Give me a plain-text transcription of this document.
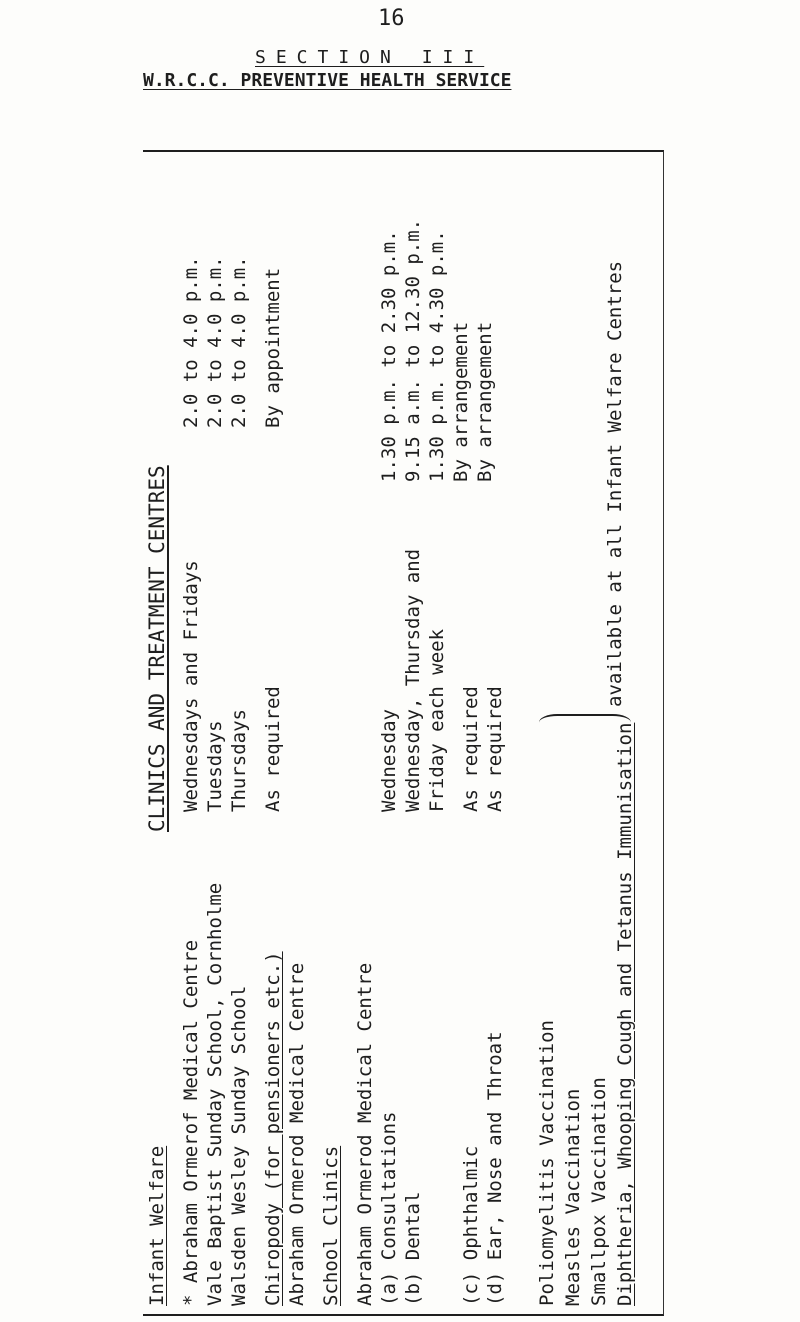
16
SECTION III
W.R.C.C. PREVENTIVE HEALTH SERVICE
CLINICS AND TREATMENT CENTRES
Infant Welfare * Abraham Ormerof Medical Centre
Wednesdays and Fridays
2.0 to 4.0 p.m.
Vale Baptist Sunday School, Cornholme
Tuesdays
2.0 to 4.0 p.m.
Walsden Wesley Sunday School
Thursdays
2.0 to 4.0 p.m.
Chiropody (for pensioners etc.)
As required
By appointment
Abraham Ormerod Medical Centre School Clinics Abraham Ormerod Medical Centre (a) Consultations
Wednesday
1.30 p.m. to 2.30 p.m.
(b) Dental
Wednesday, Thursday and
9.15 a.m. to 12.30 p.m.
Friday each week
1.30 p.m. to 4.30 p.m.
(c) Ophthalmic
As required
By arrangement
(d) Ear, Nose and Throat
As required
By arrangement
Poliomyelitis Vaccination Measles Vaccination Smallpox Vaccination Diphtheria, Whooping Cough and Tetanus Immunisation
available at all Infant Welfare Centres
